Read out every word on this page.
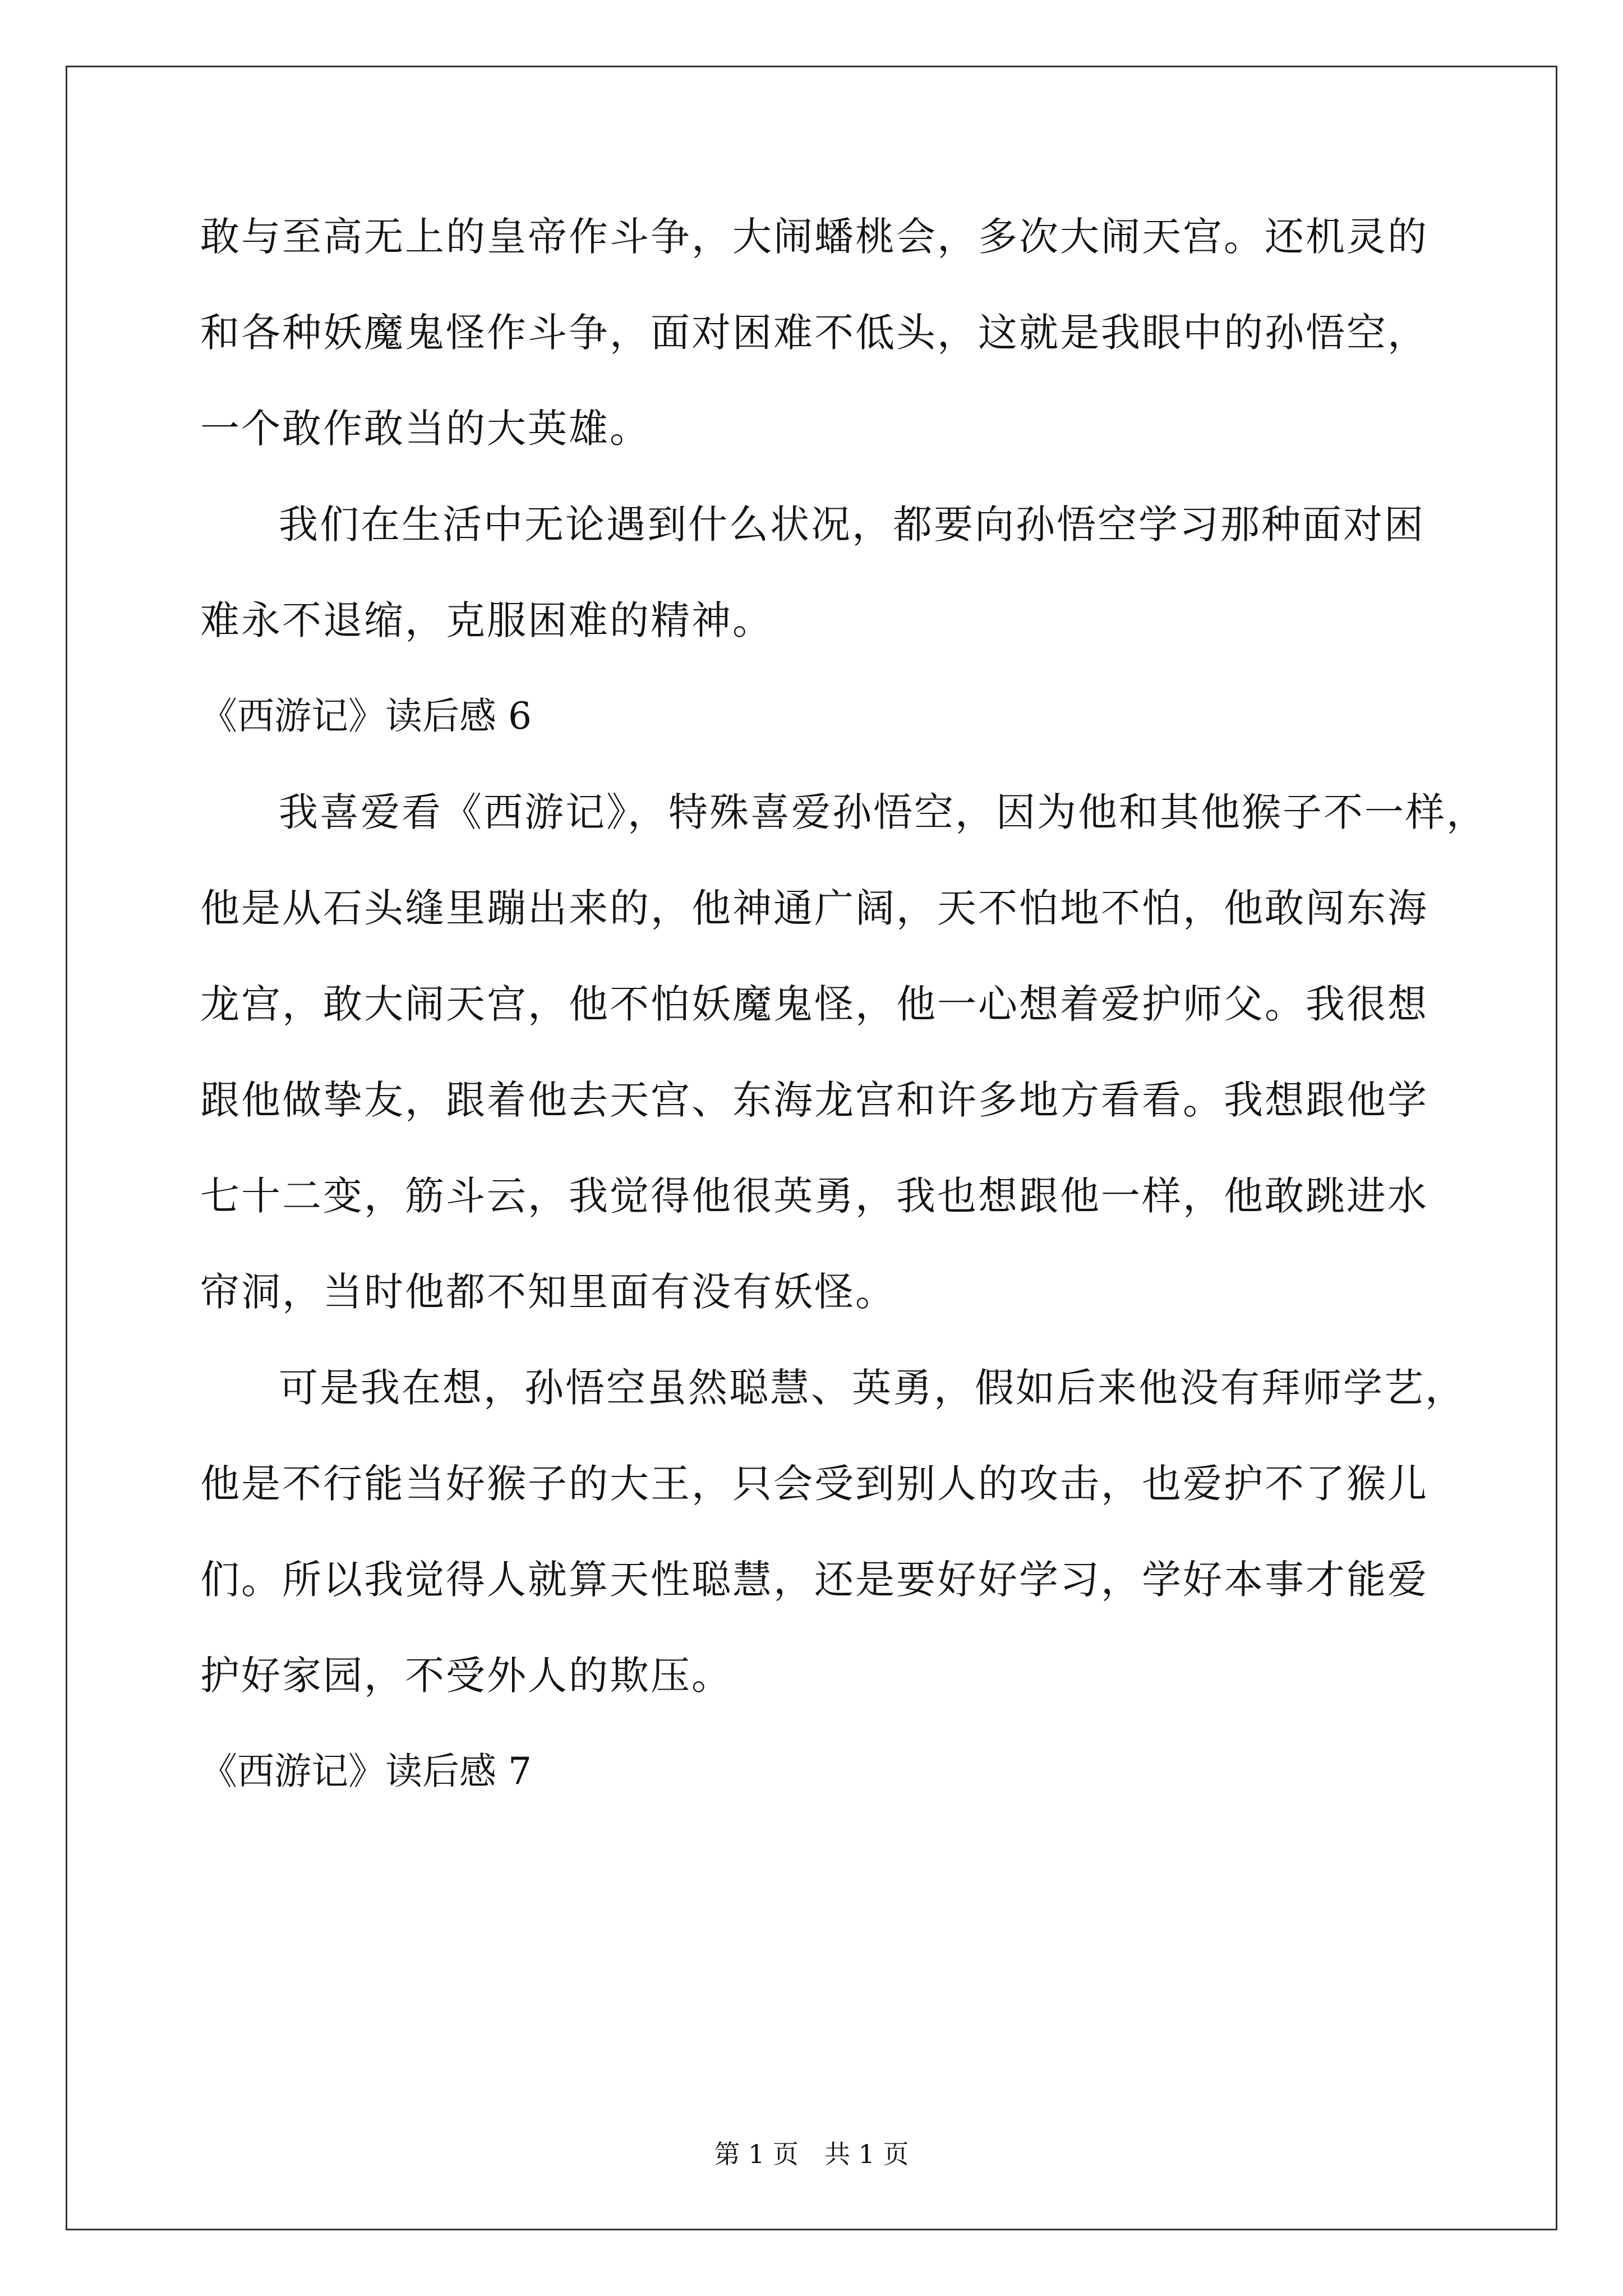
敢与至高无上的皇帝作斗争，大闹蟠桃会，多次大闹天宫。还机灵的
和各种妖魔鬼怪作斗争，面对困难不低头，这就是我眼中的孙悟空，
一个敢作敢当的大英雄。
我们在生活中无论遇到什么状况，都要向孙悟空学习那种面对困
难永不退缩，克服困难的精神。
《西游记》读后感 6
我喜爱看《西游记》，特殊喜爱孙悟空，因为他和其他猴子不一样，
他是从石头缝里蹦出来的，他神通广阔，天不怕地不怕，他敢闯东海
龙宫，敢大闹天宫，他不怕妖魔鬼怪，他一心想着爱护师父。我很想
跟他做挚友，跟着他去天宫、东海龙宫和许多地方看看。我想跟他学
七十二变，筋斗云，我觉得他很英勇，我也想跟他一样，他敢跳进水
帘洞，当时他都不知里面有没有妖怪。
可是我在想，孙悟空虽然聪慧、英勇，假如后来他没有拜师学艺，
他是不行能当好猴子的大王，只会受到别人的攻击，也爱护不了猴儿
们。所以我觉得人就算天性聪慧，还是要好好学习，学好本事才能爱
护好家园，不受外人的欺压。
《西游记》读后感 7
第 1 页　共 1 页
